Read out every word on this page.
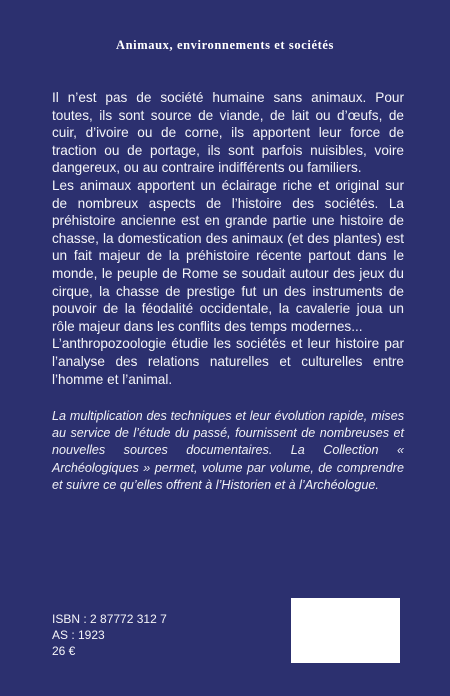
Animaux, environnements et sociétés

Il n’est pas de société humaine sans animaux. Pour toutes, ils sont source de viande, de lait ou d’œufs, de cuir, d’ivoire ou de corne, ils apportent leur force de traction ou de portage, ils sont parfois nuisibles, voire dangereux, ou au contraire indifférents ou familiers.

Les animaux apportent un éclairage riche et original sur de nombreux aspects de l’histoire des sociétés. La préhistoire ancienne est en grande partie une histoire de chasse, la domestication des animaux (et des plantes) est un fait majeur de la préhistoire récente partout dans le monde, le peuple de Rome se soudait autour des jeux du cirque, la chasse de prestige fut un des instruments de pouvoir de la féodalité occidentale, la cavalerie joua un rôle majeur dans les conflits des temps modernes...

L’anthropozoologie étudie les sociétés et leur histoire par l’analyse des relations naturelles et culturelles entre l’homme et l’animal.

La multiplication des techniques et leur évolution rapide, mises au service de l’étude du passé, fournissent de nombreuses et nouvelles sources documentaires. La Collection « Archéologiques » permet, volume par volume, de comprendre et suivre ce qu’elles offrent à l’Historien et à l’Archéologue.

ISBN : 2 87772 312 7
AS : 1923
26 €
